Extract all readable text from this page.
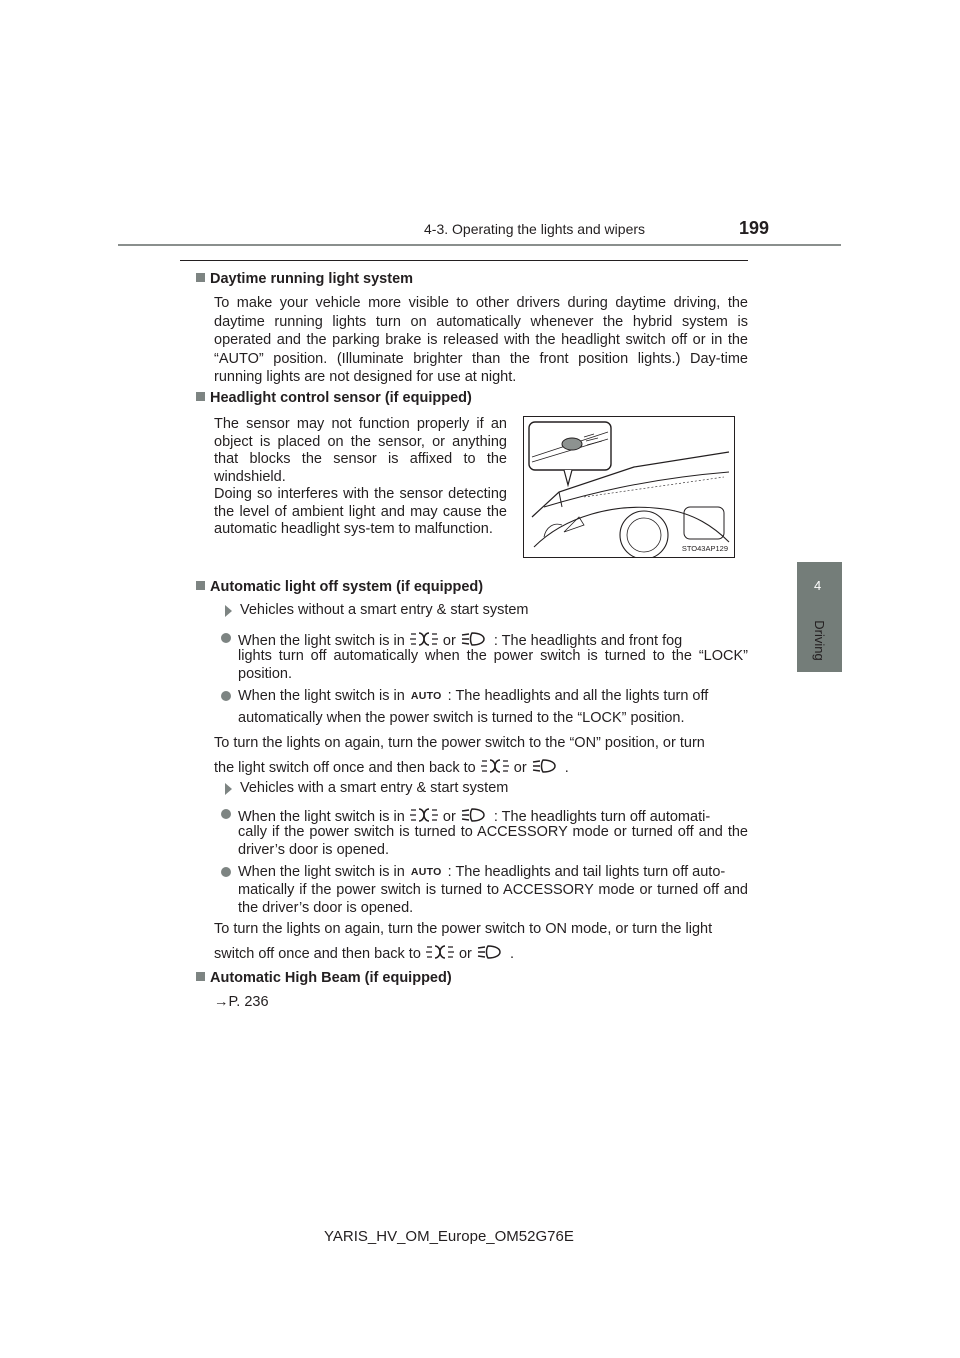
4-3. Operating the lights and wipers	199
4
Driving
Daytime running light system
To make your vehicle more visible to other drivers during daytime driving, the daytime running lights turn on automatically whenever the hybrid system is operated and the parking brake is released with the headlight switch off or in the “AUTO” position. (Illuminate brighter than the front position lights.) Day-time running lights are not designed for use at night.
Headlight control sensor (if equipped)
The sensor may not function properly if an object is placed on the sensor, or anything that blocks the sensor is affixed to the windshield.
Doing so interferes with the sensor detecting the level of ambient light and may cause the automatic headlight sys-tem to malfunction.
STO43AP129
Automatic light off system (if equipped)
Vehicles without a smart entry & start system
When the light switch is in	or	: The headlights and front fog
lights turn off automatically when the power switch is turned to the “LOCK” position.
When the light switch is in AUTO : The headlights and all the lights turn off
automatically when the power switch is turned to the “LOCK” position.
To turn the lights on again, turn the power switch to the “ON” position, or turn
the light switch off once and then back to	or	.
Vehicles with a smart entry & start system
When the light switch is in	or	: The headlights turn off automati-
cally if the power switch is turned to ACCESSORY mode or turned off and the driver’s door is opened.
When the light switch is in AUTO : The headlights and tail lights turn off auto-
matically if the power switch is turned to ACCESSORY mode or turned off and the driver’s door is opened.
To turn the lights on again, turn the power switch to ON mode, or turn the light
switch off once and then back to	or	.
Automatic High Beam (if equipped)
→P. 236
YARIS_HV_OM_Europe_OM52G76E
